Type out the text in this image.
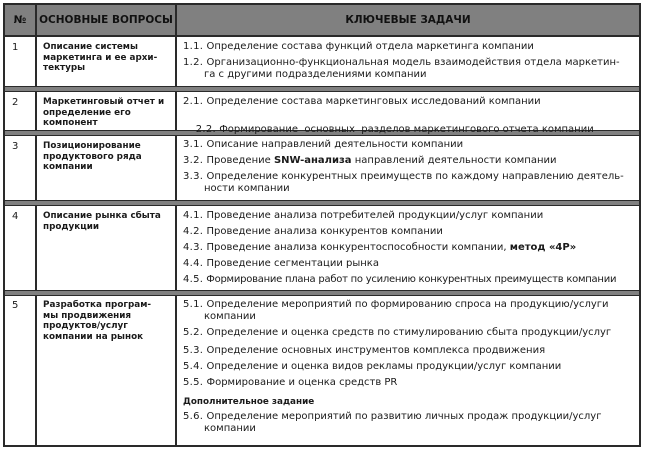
№	ОСНОВНЫЕ ВОПРОСЫ	КЛЮЧЕВЫЕ ЗАДАЧИ
1	Описание системы маркетинга и ее архи-тектуры
1.1. Определение состава функций отдела маркетинга компании
1.2. Организационно-функциональная модель взаимодействия отдела маркетин-
га с другими подразделениями компании
2	Маркетинговый отчет и определение его компонент
2.1. Определение состава маркетинговых исследований компании

2.2. Формирование  основных  разделов маркетингового отчета компании

3	Позиционирование продуктового ряда компании
3.1. Описание направлений деятельности компании
3.2. Проведение SNW-анализа направлений деятельности компании
3.3. Определение конкурентных преимуществ по каждому направлению деятель-
ности компании
4	Описание рынка сбыта продукции
4.1. Проведение анализа потребителей продукции/услуг компании
4.2. Проведение анализа конкурентов компании
4.3. Проведение анализа конкурентоспособности компании, метод «4P»
4.4. Проведение сегментации рынка
4.5. Формирование плана работ по усилению конкурентных преимуществ компании
5	Разработка програм-мы продвижения продуктов/услуг компании на рынок
5.1. Определение мероприятий по формированию спроса на продукцию/услуги
компании
5.2. Определение и оценка средств по стимулированию сбыта продукции/услуг
5.3. Определение основных инструментов комплекса продвижения
5.4. Определение и оценка видов рекламы продукции/услуг компании
5.5. Формирование и оценка средств PR
Дополнительное задание
5.6. Определение мероприятий по развитию личных продаж продукции/услуг
компании
